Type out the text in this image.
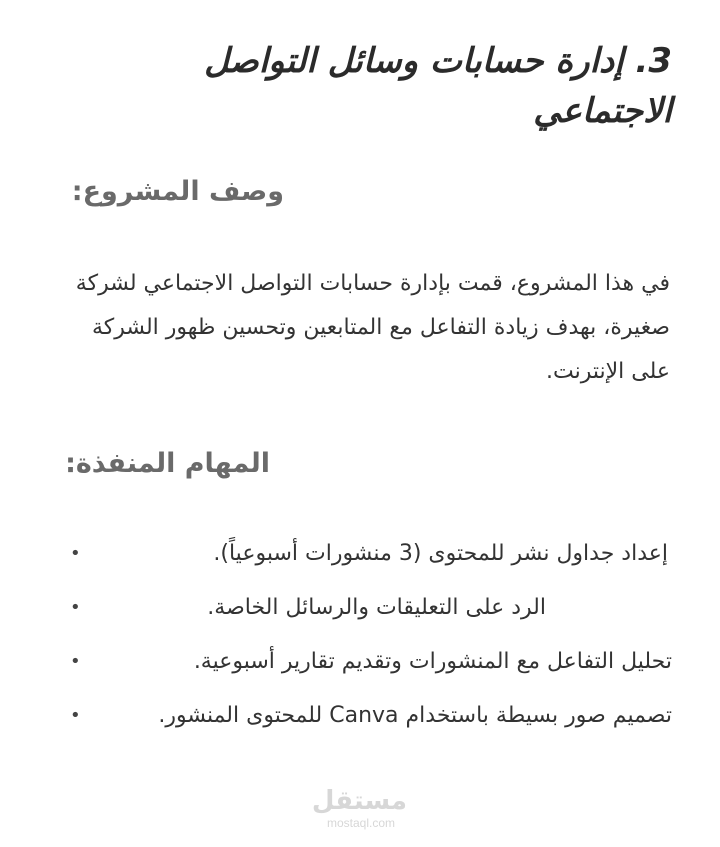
3. إدارة حسابات وسائل التواصل الاجتماعي
وصف المشروع:

في هذا المشروع، قمت بإدارة حسابات التواصل الاجتماعي لشركة صغيرة، بهدف زيادة التفاعل مع المتابعين وتحسين ظهور الشركة على الإنترنت.

المهام المنفذة:
•	إعداد جداول نشر للمحتوى (3 منشورات أسبوعياً).
•	الرد على التعليقات والرسائل الخاصة.
•	تحليل التفاعل مع المنشورات وتقديم تقارير أسبوعية.
•	تصميم صور بسيطة باستخدام Canva للمحتوى المنشور.
مستقل
mostaql.com
